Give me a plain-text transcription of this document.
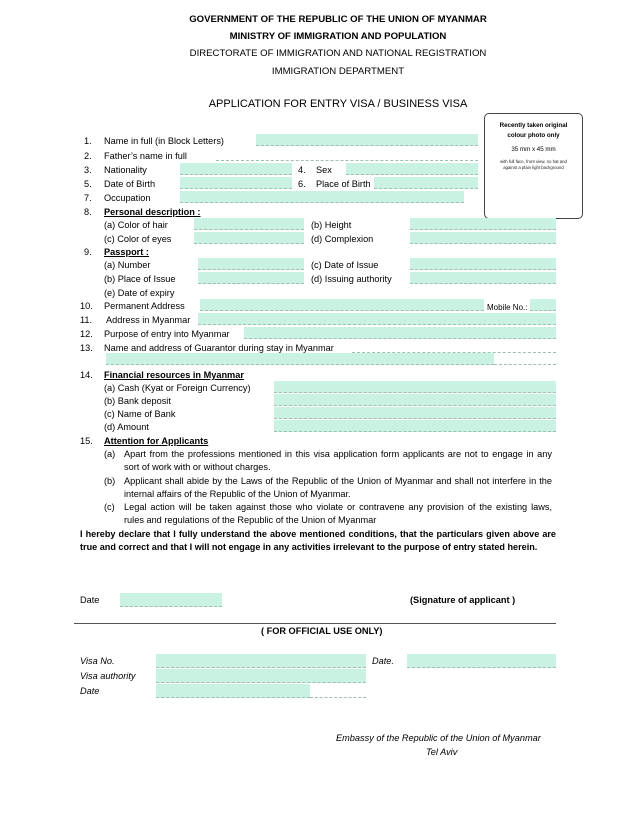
GOVERNMENT OF THE REPUBLIC OF THE UNION OF MYANMAR
MINISTRY OF IMMIGRATION AND POPULATION
DIRECTORATE OF IMMIGRATION AND NATIONAL REGISTRATION
IMMIGRATION DEPARTMENT
APPLICATION FOR ENTRY VISA / BUSINESS VISA
Recently taken original colour photo only
35 mm x 45 mm
with full face, front view, no hat and against a plain light background
1. Name in full (in Block Letters)
2. Father’s name in full
3. Nationality	4. Sex
5. Date of Birth	6. Place of Birth
7. Occupation
8. Personal description :
(a) Color of hair	(b) Height
(c) Color of eyes	(d) Complexion
9. Passport :
(a) Number	(c) Date of Issue
(b) Place of Issue	(d) Issuing authority
(e) Date of expiry
10. Permanent Address	Mobile No.:
11. Address in Myanmar
12. Purpose of entry into Myanmar
13. Name and address of Guarantor during stay in Myanmar
14. Financial resources in Myanmar
(a) Cash (Kyat or Foreign Currency)
(b) Bank deposit
(c) Name of Bank
(d) Amount
15. Attention for Applicants
(a) Apart from the professions mentioned in this visa application form applicants are not to engage in any sort of work with or without charges.
(b) Applicant shall abide by the Laws of the Republic of the Union of Myanmar and shall not interfere in the internal affairs of the Republic of the Union of Myanmar.
(c) Legal action will be taken against those who violate or contravene any provision of the existing laws, rules and regulations of the Republic of the Union of Myanmar
I hereby declare that I fully understand the above mentioned conditions, that the particulars given above are true and correct and that I will not engage in any activities irrelevant to the purpose of entry stated herein.
Date	(Signature of applicant )
( FOR OFFICIAL USE ONLY)
Visa No.	Date.
Visa authority
Date
Embassy of the Republic of the Union of Myanmar
Tel Aviv
